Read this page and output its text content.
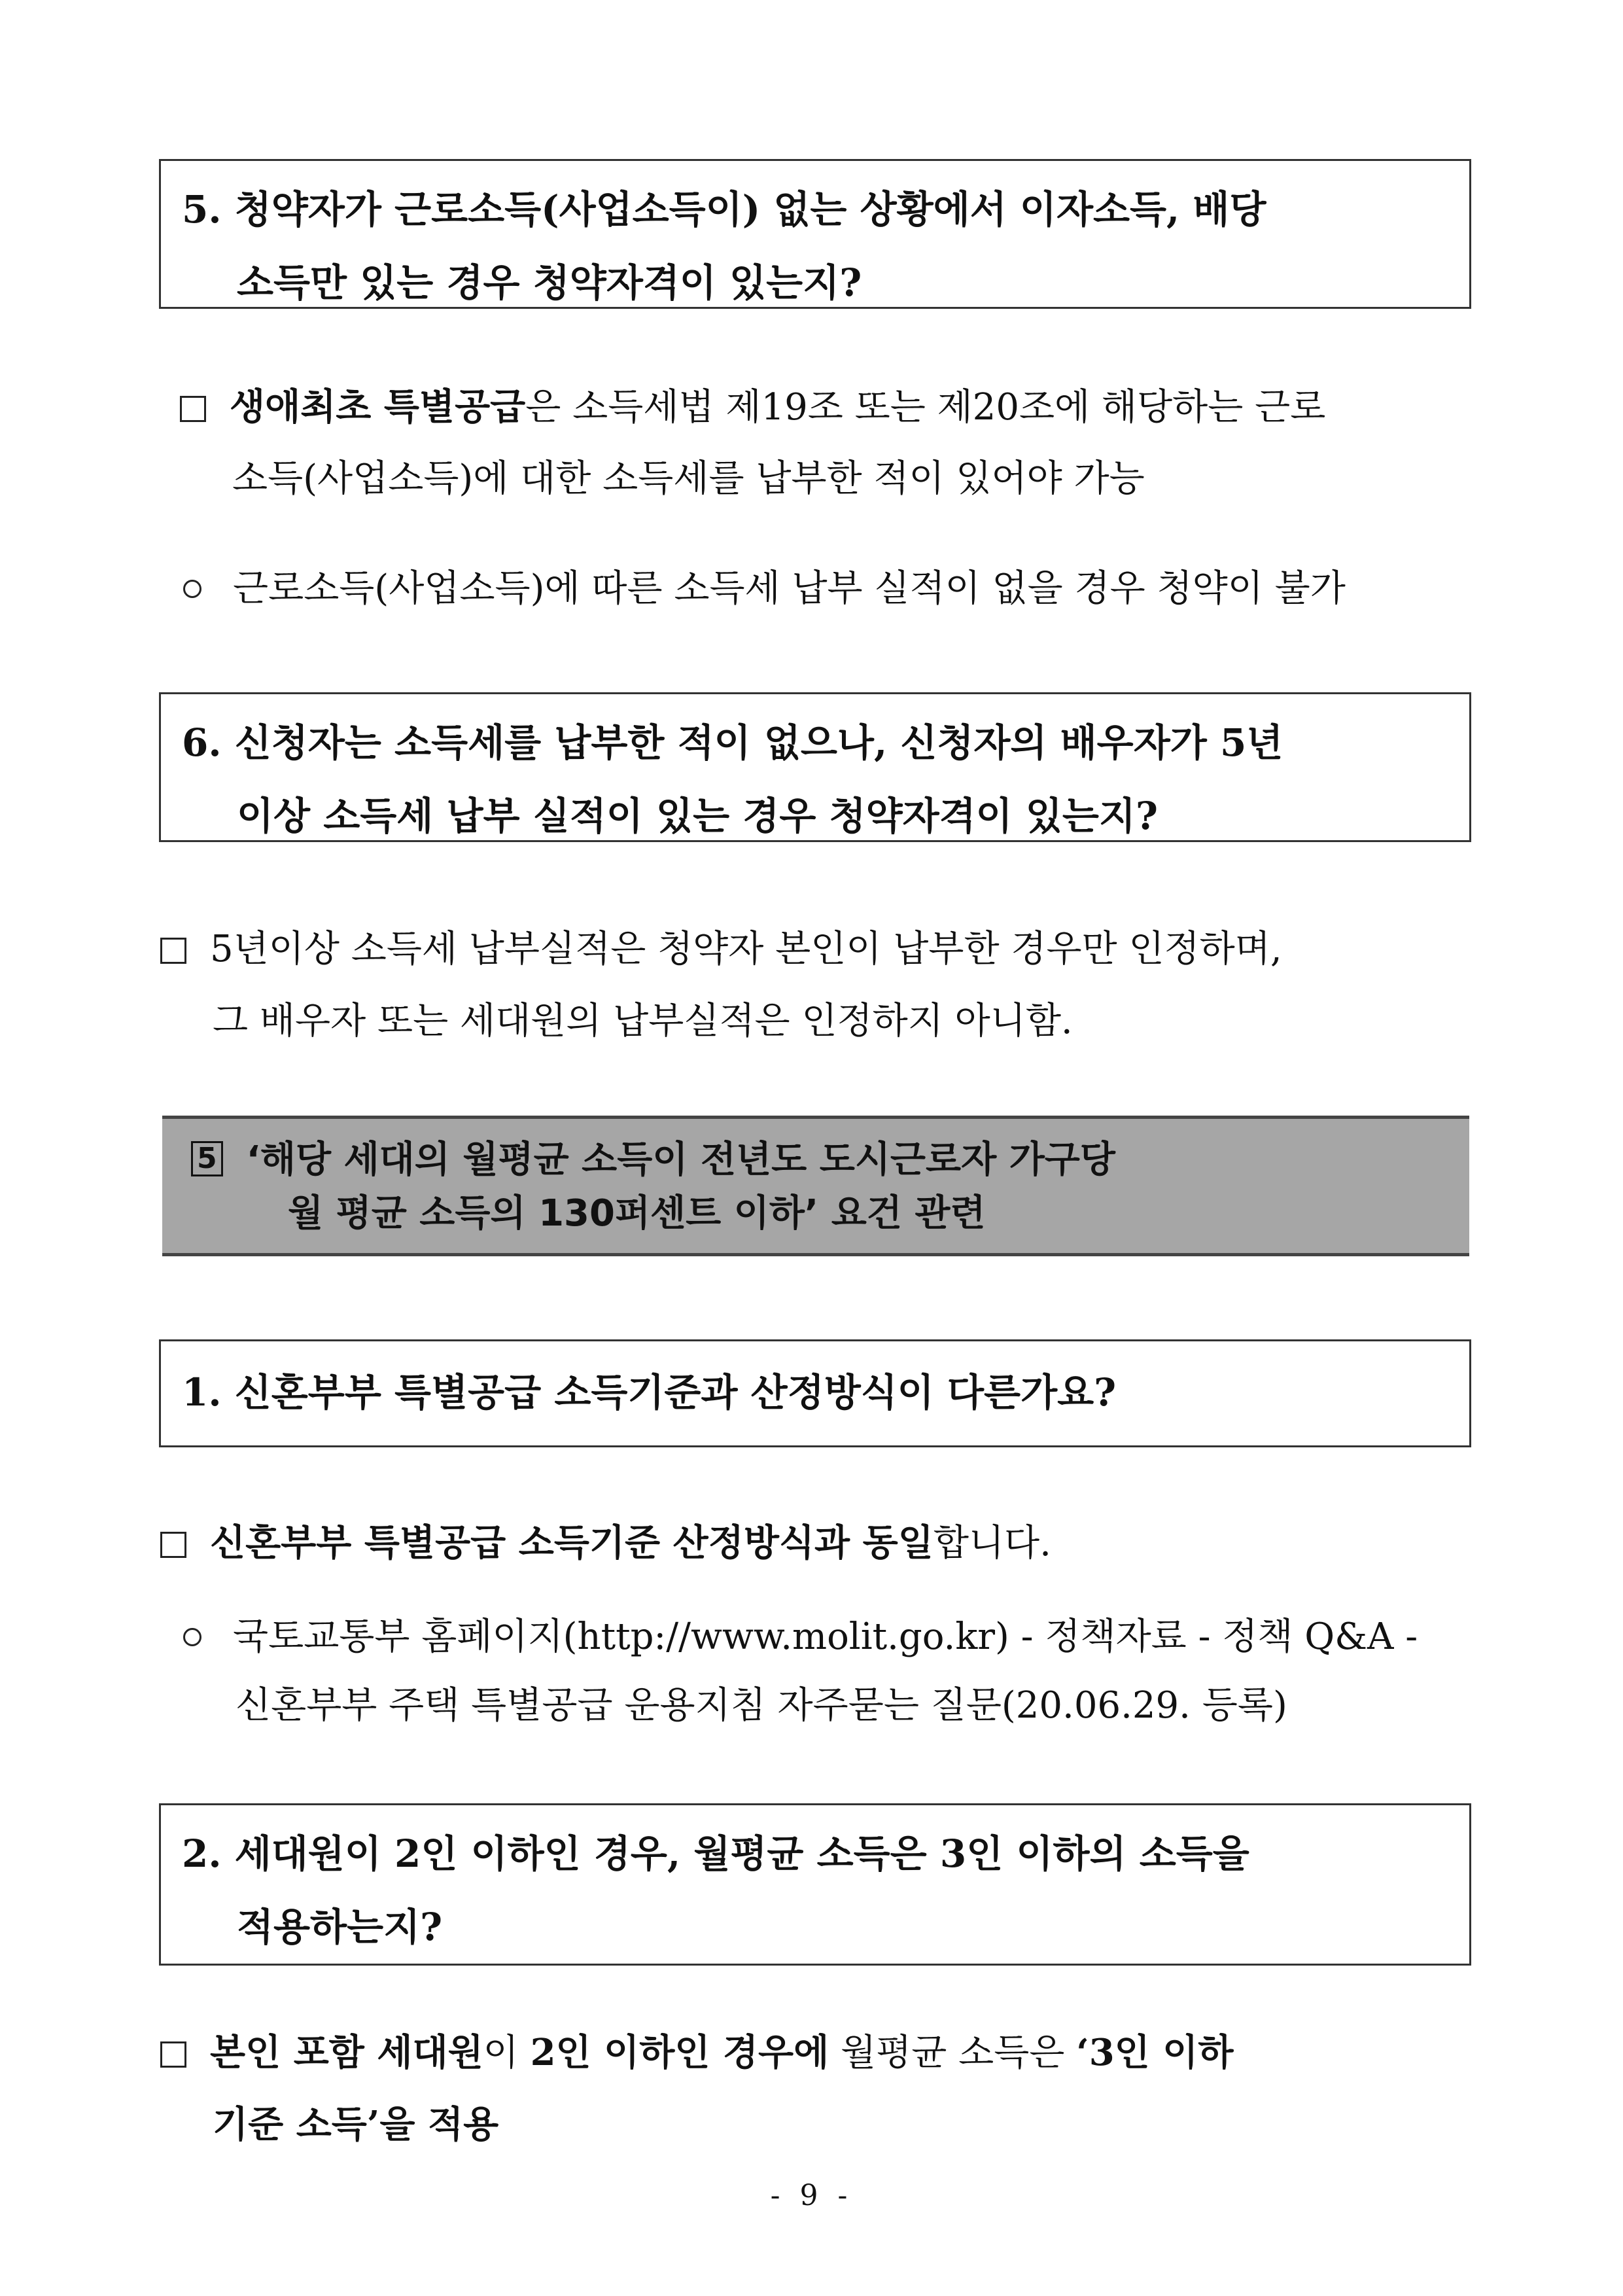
5. 청약자가 근로소득(사업소득이) 없는 상황에서 이자소득, 배당
소득만 있는 경우 청약자격이 있는지?
생애최초 특별공급은 소득세법 제19조 또는 제20조에 해당하는 근로
소득(사업소득)에 대한 소득세를 납부한 적이 있어야 가능
근로소득(사업소득)에 따른 소득세 납부 실적이 없을 경우 청약이 불가
6. 신청자는 소득세를 납부한 적이 없으나, 신청자의 배우자가 5년
이상 소득세 납부 실적이 있는 경우 청약자격이 있는지?
5년이상 소득세 납부실적은 청약자 본인이 납부한 경우만 인정하며,
그 배우자 또는 세대원의 납부실적은 인정하지 아니함.
5 ‘해당 세대의 월평균 소득이 전년도 도시근로자 가구당
월 평균 소득의 130퍼센트 이하’ 요건 관련
1. 신혼부부 특별공급 소득기준과 산정방식이 다른가요?
신혼부부 특별공급 소득기준 산정방식과 동일합니다.
국토교통부 홈페이지(http://www.molit.go.kr) - 정책자료 - 정책 Q&A -
신혼부부 주택 특별공급 운용지침 자주묻는 질문(20.06.29. 등록)
2. 세대원이 2인 이하인 경우, 월평균 소득은 3인 이하의 소득을
적용하는지?
본인 포함 세대원이 2인 이하인 경우에 월평균 소득은 ‘3인 이하
기준 소득’을 적용
- 9 -
